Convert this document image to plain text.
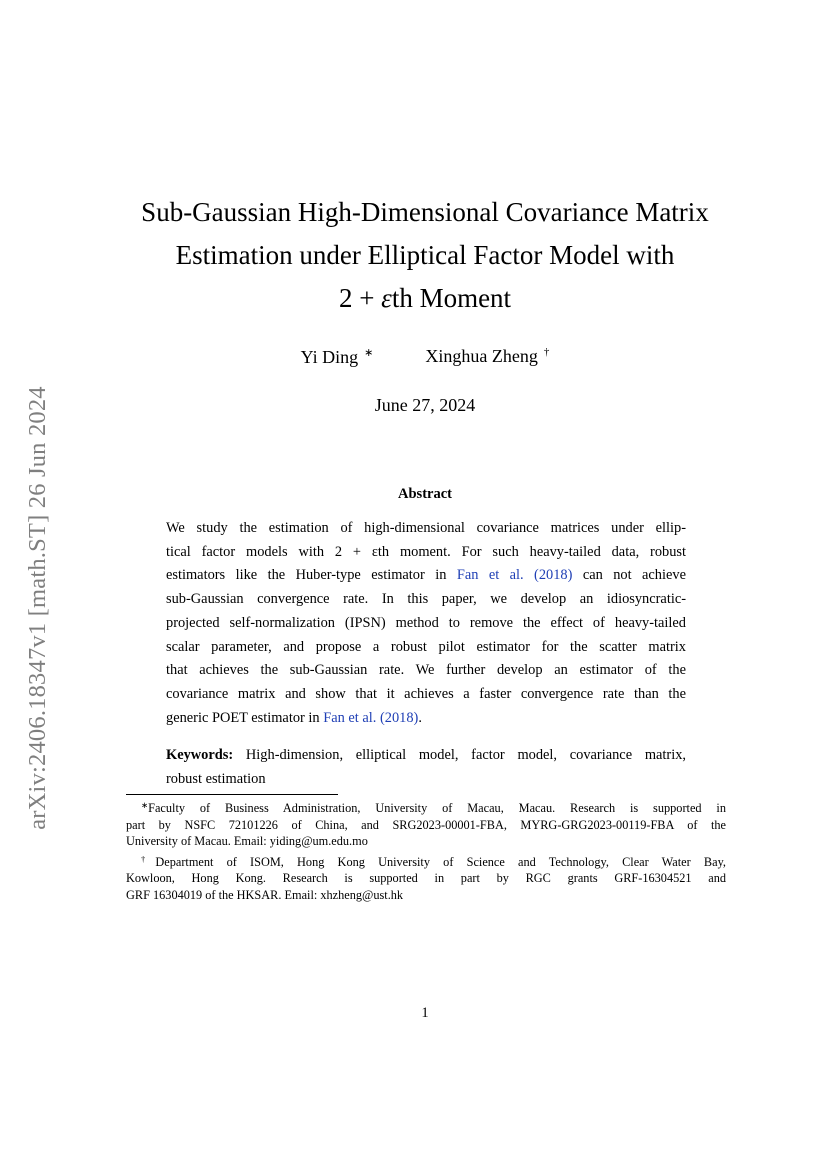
arXiv:2406.18347v1 [math.ST] 26 Jun 2024
Sub-Gaussian High-Dimensional Covariance Matrix
Estimation under Elliptical Factor Model with
2 + εth Moment
Yi Ding ∗	Xinghua Zheng †
June 27, 2024
Abstract
We study the estimation of high-dimensional covariance matrices under ellip-
tical factor models with 2 + εth moment. For such heavy-tailed data, robust
estimators like the Huber-type estimator in Fan et al. (2018) can not achieve
sub-Gaussian convergence rate. In this paper, we develop an idiosyncratic-
projected self-normalization (IPSN) method to remove the effect of heavy-tailed
scalar parameter, and propose a robust pilot estimator for the scatter matrix
that achieves the sub-Gaussian rate. We further develop an estimator of the
covariance matrix and show that it achieves a faster convergence rate than the
generic POET estimator in Fan et al. (2018).
Keywords: High-dimension, elliptical model, factor model, covariance matrix,
robust estimation
∗Faculty of Business Administration, University of Macau, Macau. Research is supported in
part by NSFC 72101226 of China, and SRG2023-00001-FBA, MYRG-GRG2023-00119-FBA of the
University of Macau. Email: yiding@um.edu.mo
†Department of ISOM, Hong Kong University of Science and Technology, Clear Water Bay,
Kowloon, Hong Kong. Research is supported in part by RGC grants GRF-16304521 and
GRF 16304019 of the HKSAR. Email: xhzheng@ust.hk
1
